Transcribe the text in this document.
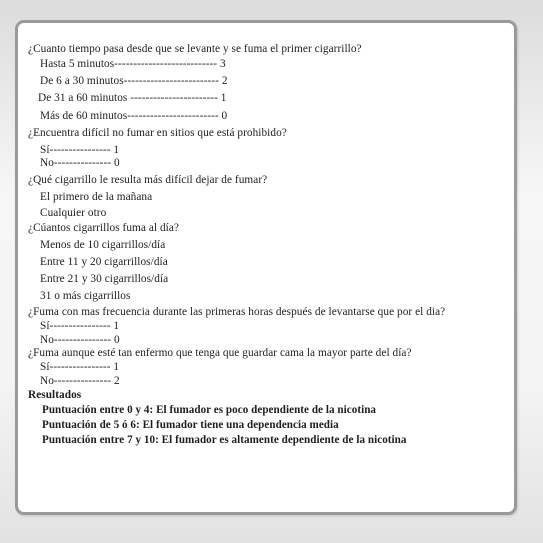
¿Cuanto tiempo pasa desde que se levante y se fuma el primer cigarrillo?
Hasta 5 minutos--------------------------- 3
De 6 a 30 minutos------------------------- 2
De 31 a 60 minutos ----------------------- 1
Más de 60 minutos------------------------ 0
¿Encuentra difícil no fumar en sitios que está prohibido?
Sí---------------- 1
No--------------- 0
¿Qué cigarrillo le resulta más difícil dejar de fumar?
El primero de la mañana
Cualquier otro
¿Cúantos cigarrillos fuma al día?
Menos de 10 cigarrillos/día
Entre 11 y 20 cigarrillos/día
Entre 21 y 30 cigarrillos/día
31 o más cigarrillos
¿Fuma con mas frecuencia durante las primeras horas después de levantarse que por el dia?
Sí---------------- 1
No--------------- 0
¿Fuma aunque esté tan enfermo que tenga que guardar cama la mayor parte del día?
Sí---------------- 1
No--------------- 2
Resultados
Puntuación entre 0 y 4: El fumador es poco dependiente de la nicotina
Puntuación de 5 ó 6: El fumador tiene una dependencia media
Puntuación entre 7 y 10: El fumador es altamente dependiente de la nicotina
